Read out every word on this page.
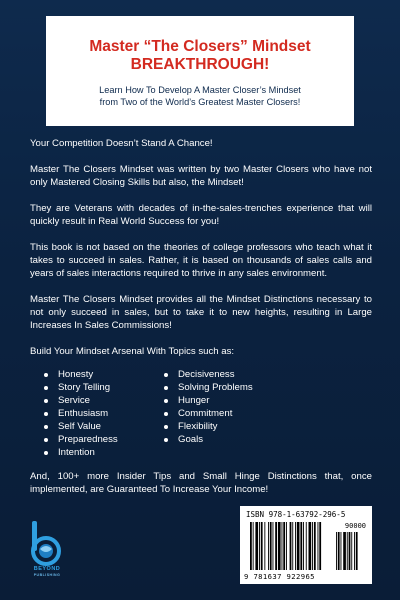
Master “The Closers” Mindset

BREAKTHROUGH!

Learn How To Develop A Master Closer’s Mindset
from Two of the World’s Greatest Master Closers!

Your Competition Doesn’t Stand A Chance!

Master The Closers Mindset was written by two Master Closers who have not only Mastered Closing Skills but also, the Mindset!

They are Veterans with decades of in-the-sales-trenches experience that will quickly result in Real World Success for you!

This book is not based on the theories of college professors who teach what it takes to succeed in sales. Rather, it is based on thousands of sales calls and years of sales interactions required to thrive in any sales environment.

Master The Closers Mindset provides all the Mindset Distinctions necessary to not only succeed in sales, but to take it to new heights, resulting in Large Increases In Sales Commissions!

Build Your Mindset Arsenal With Topics such as:

Honesty
Story Telling
Service
Enthusiasm
Self Value
Preparedness
Intention
Decisiveness
Solving Problems
Hunger
Commitment
Flexibility
Goals

And, 100+ more Insider Tips and Small Hinge Distinctions that, once implemented, are Guaranteed To Increase Your Income!

BEYOND
PUBLISHING
ISBN 978-1-63792-296-5
90000
9 781637 922965
